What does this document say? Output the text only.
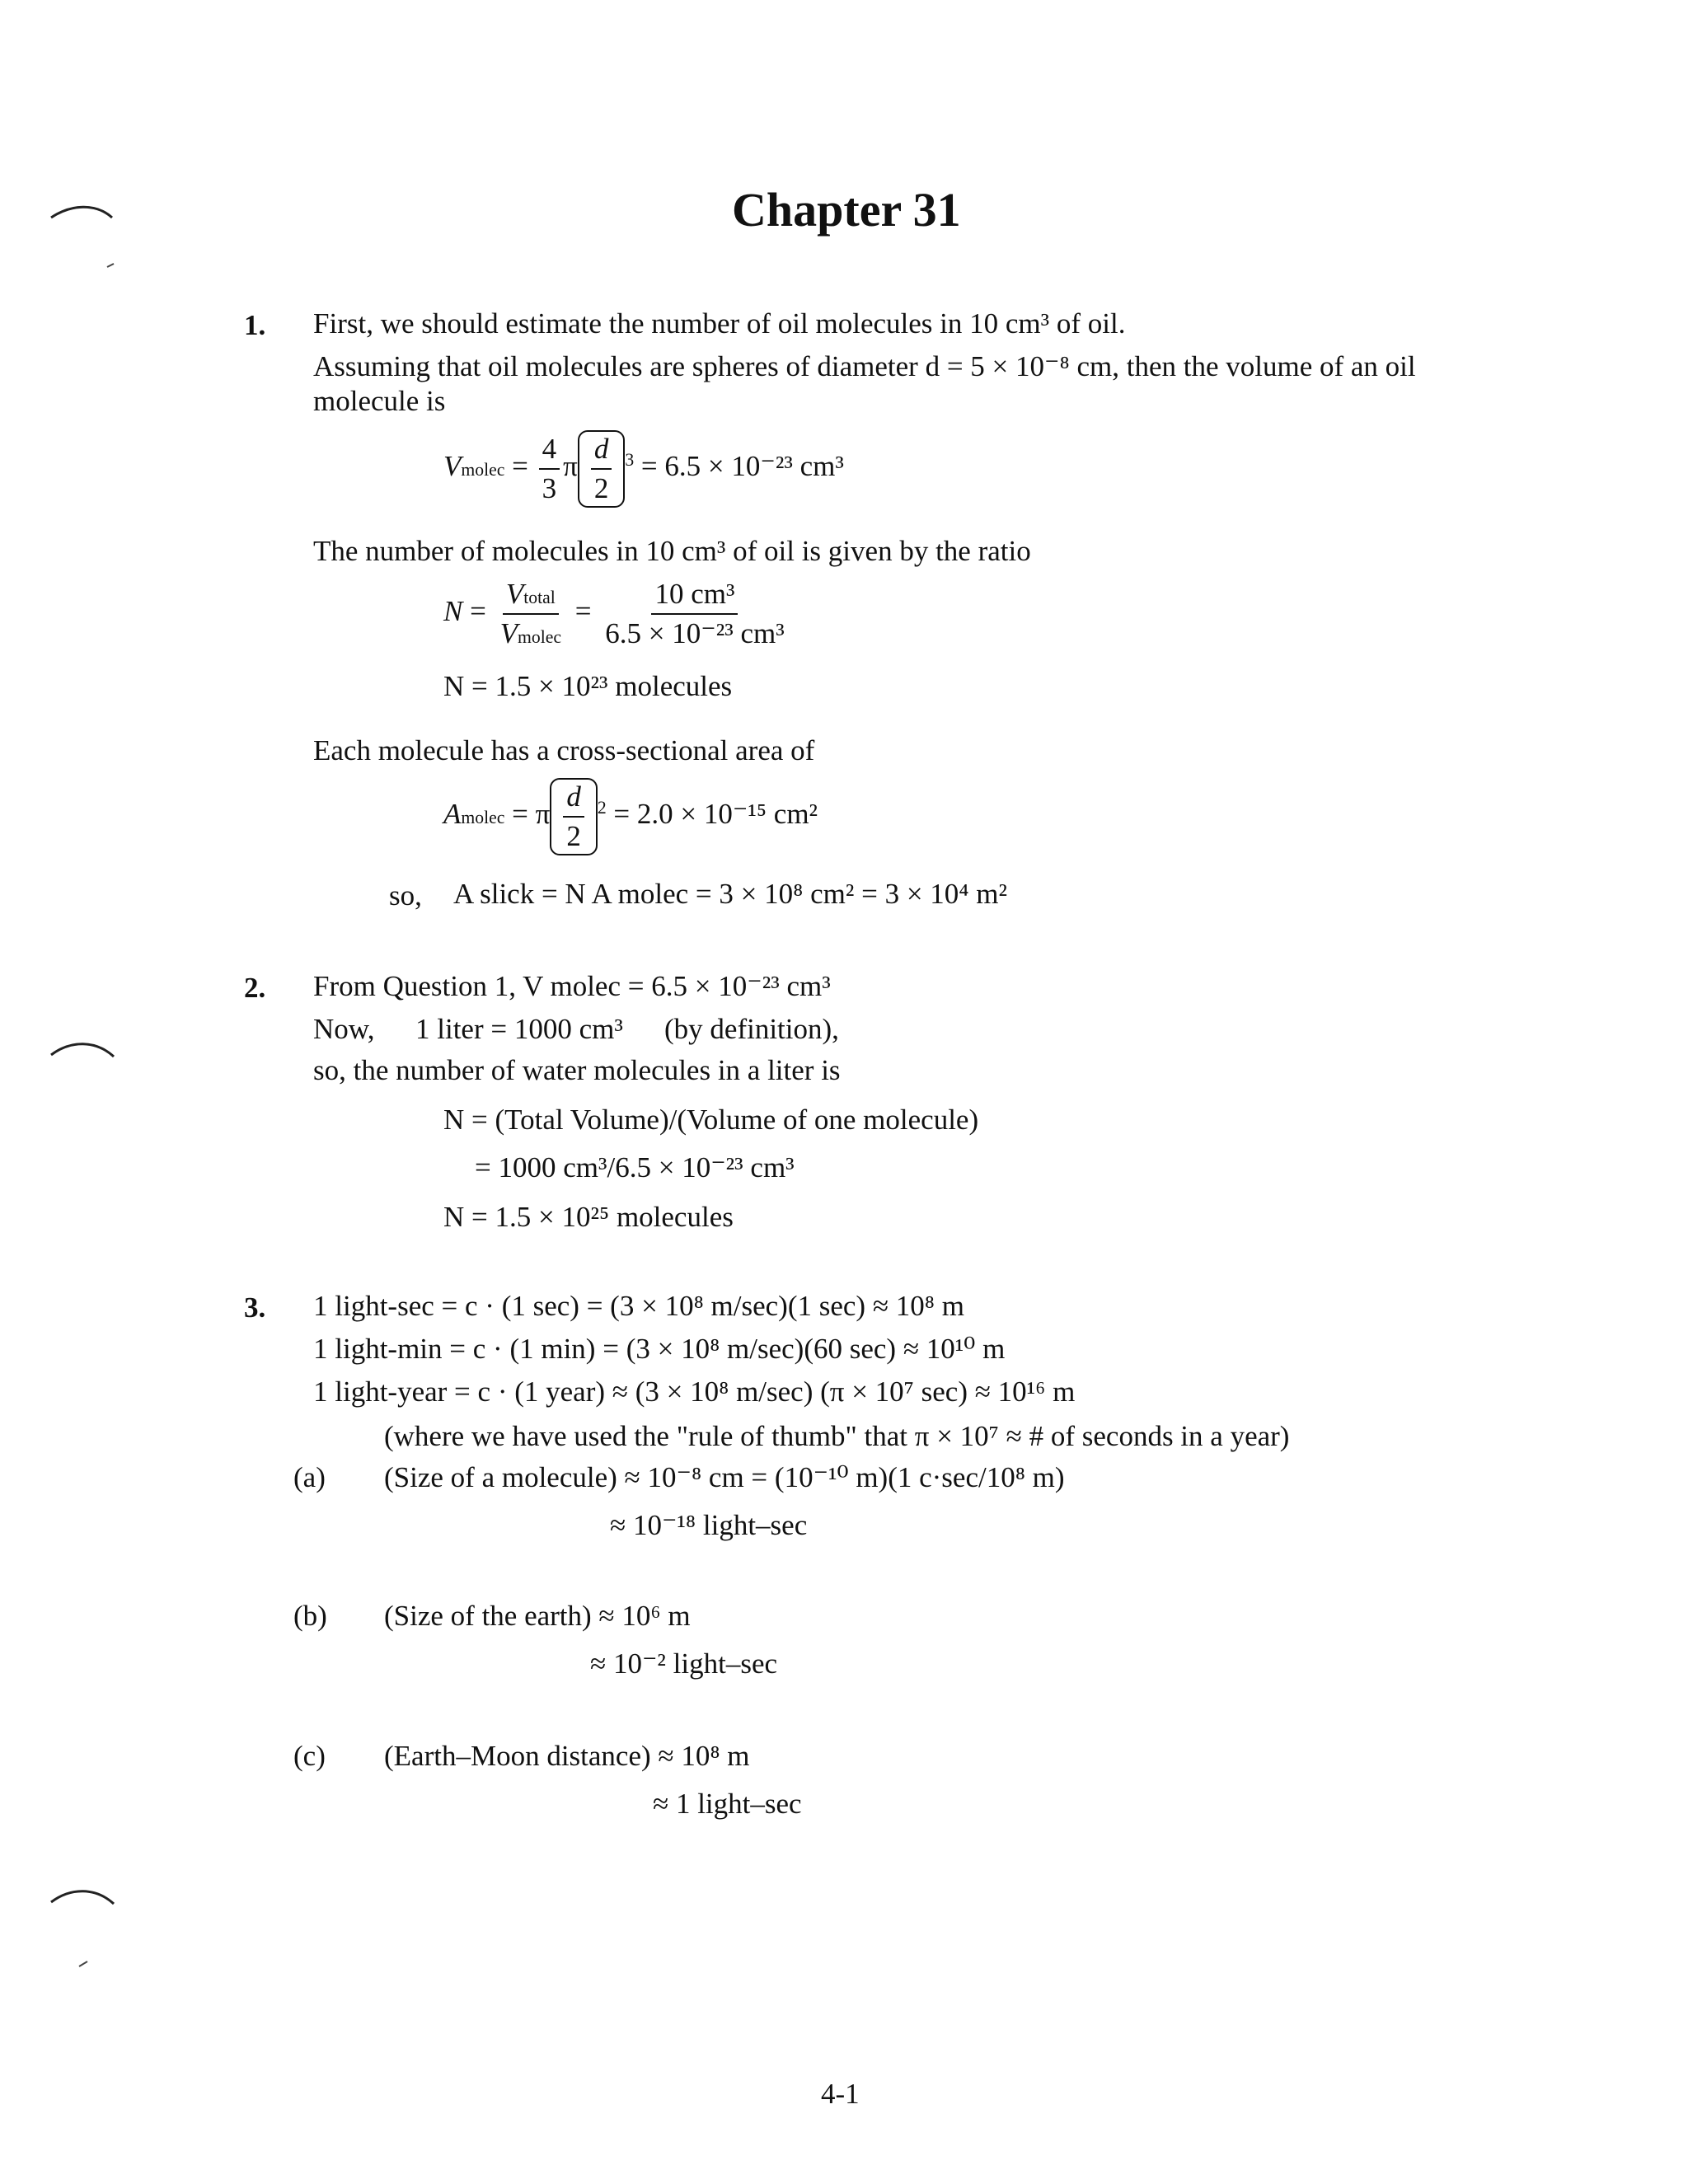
Chapter 31
1. First, we should estimate the number of oil molecules in 10 cm³ of oil.
Assuming that oil molecules are spheres of diameter d = 5 × 10⁻⁸ cm, then the volume of an oil
molecule is
Vmolec = $\frac{4}{3}$ π $\frac{d}{2} ^3 = 6.5 \times 10^{-23}$ cm³
The number of molecules in 10 cm³ of oil is given by the ratio
$N = \frac{\text{Vtotal}}{\text{Vmolec}} = \frac{\text{10 cm³}}{\text{6.5 × 10⁻²³ cm³}}$
N = 1.5 × 10²³ molecules
Each molecule has a cross-sectional area of
Amolec = π $\frac{d}{2} ^2 = 2.0 \times 10^{-15}$ cm²
so, A slick = N A molec = 3 × 10⁸ cm² = 3 × 10⁴ m²
2. From Question 1, V molec = 6.5 × 10⁻²³ cm³
Now, 1 liter = 1000 cm³ (by definition),
so, the number of water molecules in a liter is
N = (Total Volume)/(Volume of one molecule)
= 1000 cm³/6.5 × 10⁻²³ cm³
N = 1.5 × 10²⁵ molecules
3. 1 light-sec = c · (1 sec) = (3 × 10⁸ m/sec)(1 sec) ≈ 10⁸ m
1 light-min = c · (1 min) = (3 × 10⁸ m/sec)(60 sec) ≈ 10¹⁰ m
1 light-year = c · (1 year) ≈ (3 × 10⁸ m/sec) (π × 10⁷ sec) ≈ 10¹⁶ m
(where we have used the "rule of thumb" that π × 10⁷ ≈ # of seconds in a year)
(a) (Size of a molecule) ≈ 10⁻⁸ cm = (10⁻¹⁰ m)(1 c·sec/10⁸ m)
≈ 10⁻¹⁸ light–sec
(b) (Size of the earth) ≈ 10⁶ m
≈ 10⁻² light–sec
(c) (Earth–Moon distance) ≈ 10⁸ m
≈ 1 light–sec
4-1
